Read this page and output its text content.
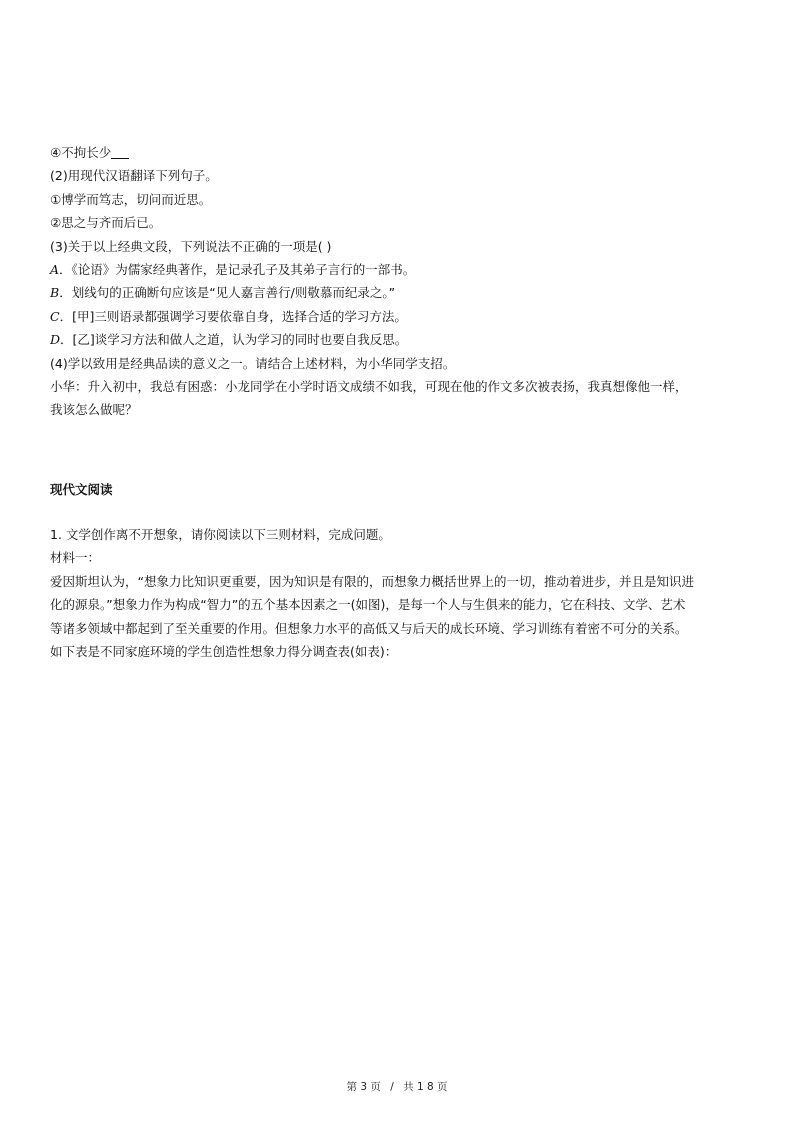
④不拘长少
(2)用现代汉语翻译下列句子。
①博学而笃志，切问而近思。
②思之与齐而后已。
(3)关于以上经典文段，下列说法不正确的一项是( )
A．《论语》为儒家经典著作，是记录孔子及其弟子言行的一部书。
B．划线句的正确断句应该是“见人嘉言善行/则敬慕而纪录之。”
C．[甲]三则语录都强调学习要依靠自身，选择合适的学习方法。
D．[乙]谈学习方法和做人之道，认为学习的同时也要自我反思。
(4)学以致用是经典品读的意义之一。请结合上述材料，为小华同学支招。
小华：升入初中，我总有困惑：小龙同学在小学时语文成绩不如我，可现在他的作文多次被表扬，我真想像他一样，
我该怎么做呢？
现代文阅读
1. 文学创作离不开想象，请你阅读以下三则材料，完成问题。
材料一：
爱因斯坦认为，“想象力比知识更重要，因为知识是有限的，而想象力概括世界上的一切，推动着进步，并且是知识进
化的源泉。”想象力作为构成“智力”的五个基本因素之一(如图)，是每一个人与生俱来的能力，它在科技、文学、艺术
等诸多领域中都起到了至关重要的作用。但想象力水平的高低又与后天的成长环境、学习训练有着密不可分的关系。
如下表是不同家庭环境的学生创造性想象力得分调查表(如表)：
第 3 页 / 共 1 8 页
